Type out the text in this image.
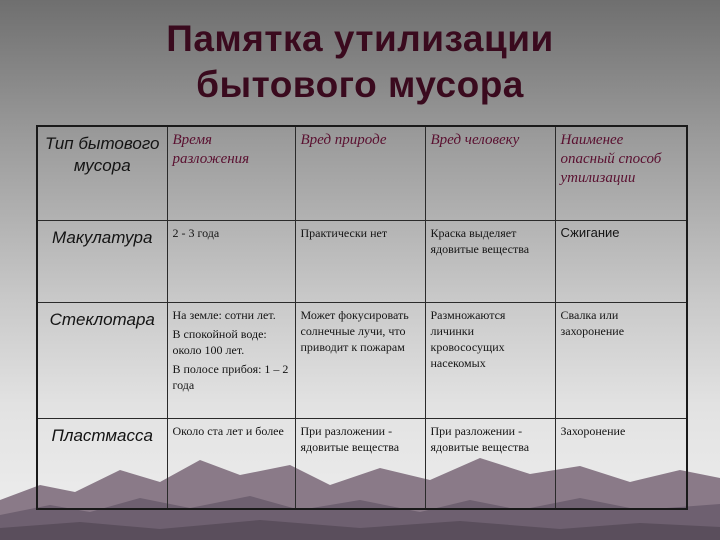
Памятка утилизации
бытового мусора
Тип бытового мусора	Время разложения	Вред природе	Вред человеку	Наименее опасный способ утилизации
Макулатура	2 - 3 года	Практически нет	Краска выделяет ядовитые вещества	Сжигание
Стеклотара	На земле: сотни лет.

В спокойной воде: около 100 лет.

В полосе прибоя: 1 – 2 года	Может фокусировать солнечные лучи, что приводит к пожарам	Размножаются личинки кровососущих насекомых	Свалка или захоронение
Пластмасса	Около ста лет и более	При разложении - ядовитые вещества	При разложении - ядовитые вещества	Захоронение
